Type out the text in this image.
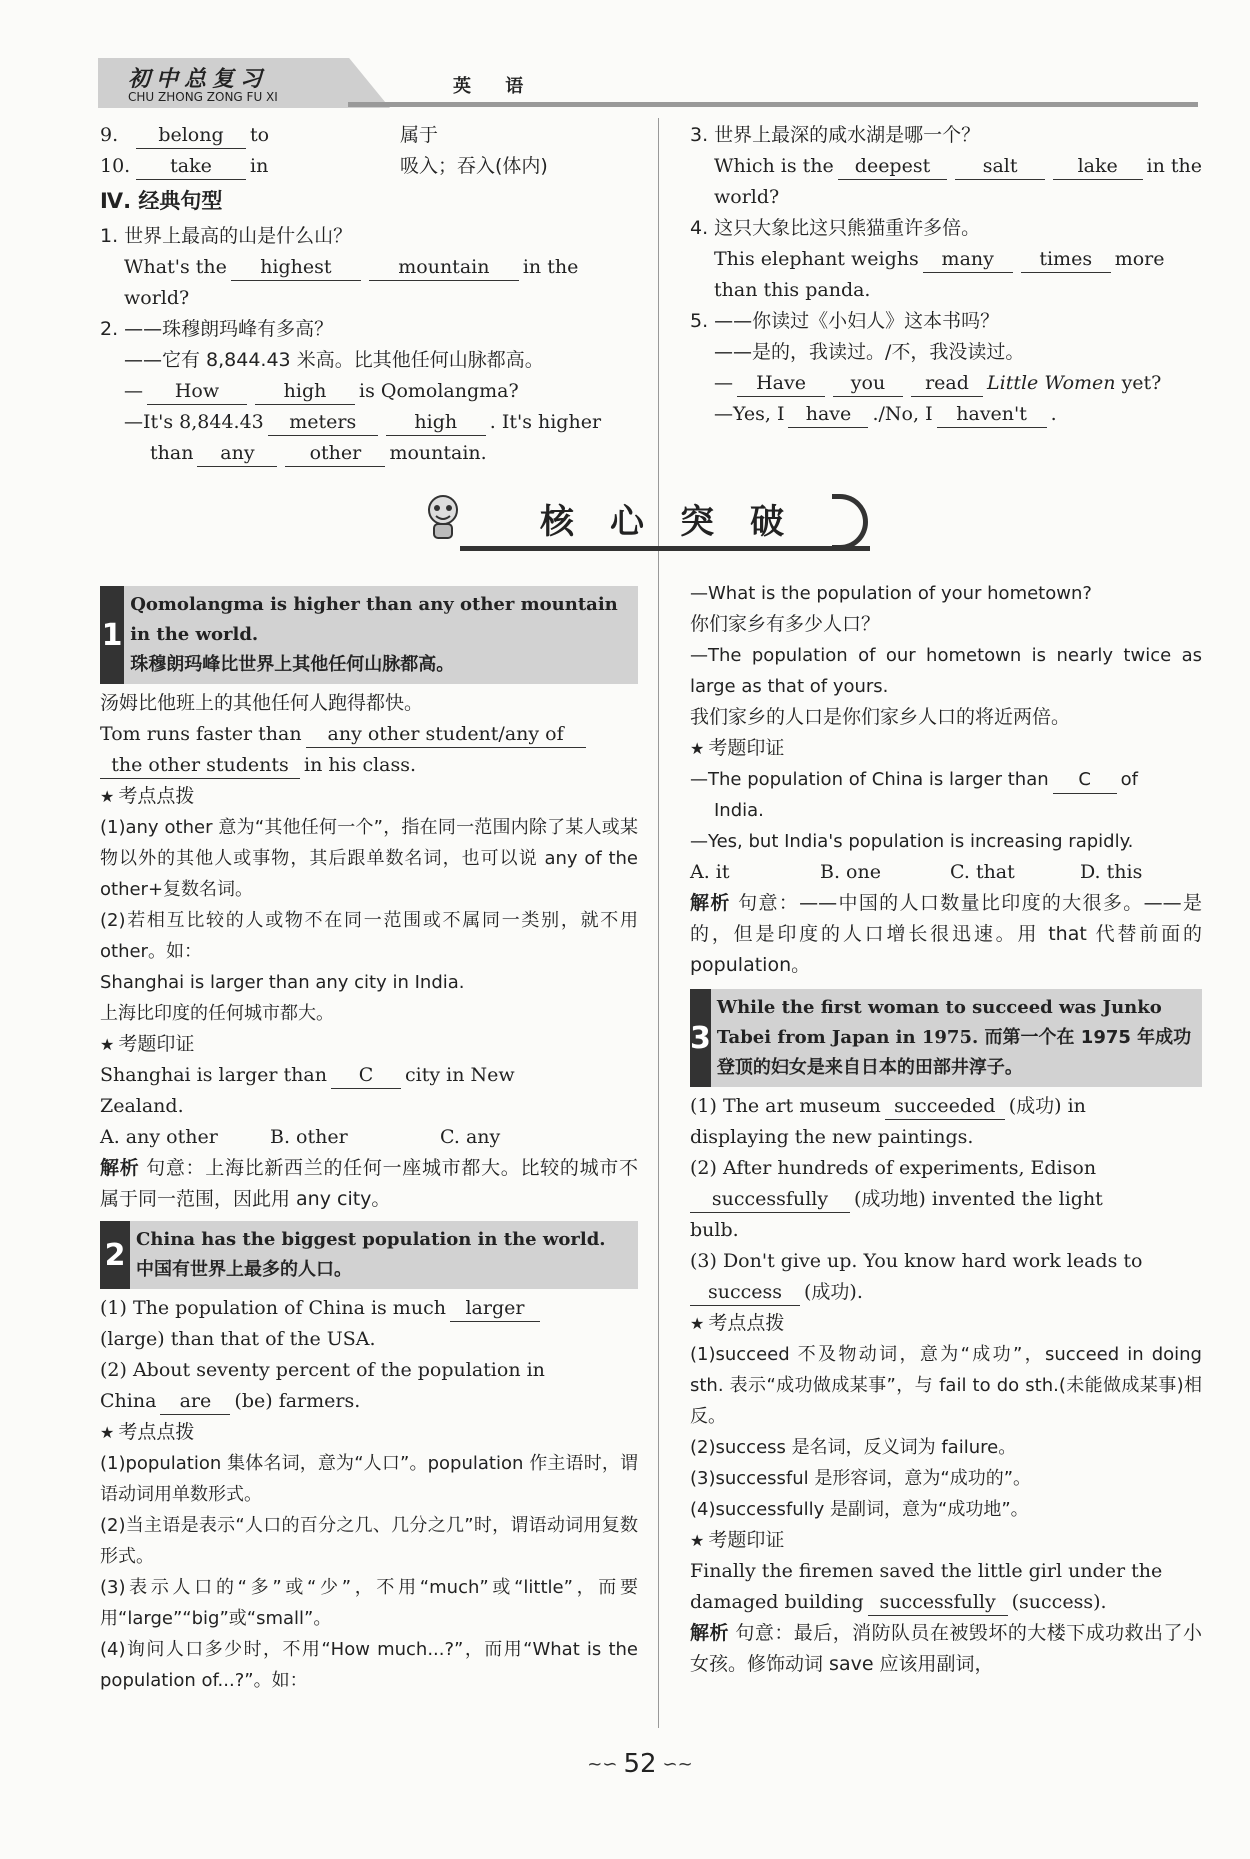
初中总复习
CHU ZHONG ZONG FU XI	英 语
9.	belong	to	属于
10.	take	in	吸入；吞入(体内)
Ⅳ. 经典句型
1. 世界上最高的山是什么山？
What's the	highest	mountain	in the
world?
2. ——珠穆朗玛峰有多高？
——它有 8,844.43 米高。比其他任何山脉都高。
—	How	high	is Qomolangma?
—It's 8,844.43	meters	high	. It's higher
than	any	other	mountain.
3. 世界上最深的咸水湖是哪一个？
Which is the	deepest	salt	lake	in the
world?
4. 这只大象比这只熊猫重许多倍。
This elephant weighs	many	times	more
than this panda.
5. ——你读过《小妇人》这本书吗？
——是的，我读过。/不，我没读过。
—	Have	you	read Little Women
yet?
—Yes, I	have	./No, I	haven't	.
核心突破
1
Qomolangma is higher than any other mountain in the world.
珠穆朗玛峰比世界上其他任何山脉都高。
汤姆比他班上的其他任何人跑得都快。
Tom runs faster than	any other student/any of
the other students in his class.
★ 考点点拨
(1)any other 意为“其他任何一个”，指在同一范围内除了某人或某物以外的其他人或事物，其后跟单数名词，也可以说 any of the other+复数名词。
(2)若相互比较的人或物不在同一范围或不属同一类别，就不用 other。如：
Shanghai is larger than any city in India.
上海比印度的任何城市都大。
★ 考题印证
Shanghai is larger than	C	city in New
Zealand.
A. any other	B. other	C. any
解析 句意：上海比新西兰的任何一座城市都大。比较的城市不属于同一范围，因此用 any city。
2 China has the biggest population in the world.
中国有世界上最多的人口。
(1) The population of China is much	larger
(large) than that of the USA.
(2) About seventy percent of the population in
China	are	(be) farmers.
★ 考点点拨
(1)population 集体名词，意为“人口”。population 作主语时，谓语动词用单数形式。
(2)当主语是表示“人口的百分之几、几分之几”时，谓语动词用复数形式。
(3)表示人口的“多”或“少”，不用“much”或“little”，而要用“large”“big”或“small”。
(4)询问人口多少时，不用“How much...?”，而用“What is the population of...?”。如：
—What is the population of your hometown?
你们家乡有多少人口？
—The population of our hometown is nearly twice as large as that of yours.
我们家乡的人口是你们家乡人口的将近两倍。
★ 考题印证
—The population of China is larger than	C	of
India.
—Yes, but India's population is increasing rapidly.
A. it	B. one	C. that	D. this
解析 句意：——中国的人口数量比印度的大很多。——是的，但是印度的人口增长很迅速。用 that 代替前面的 population。
3
While the first woman to succeed was Junko Tabei from Japan in 1975. 而第一个在 1975 年成功登顶的妇女是来自日本的田部井淳子。
(1) The art museum succeeded (成功) in
displaying the new paintings.
(2) After hundreds of experiments, Edison
successfully	(成功地) invented the light
bulb.
(3) Don't give up. You know hard work leads to
success	(成功).
★ 考点点拨
(1)succeed 不及物动词，意为“成功”，succeed in doing sth. 表示“成功做成某事”，与 fail to do sth.(未能做成某事)相反。
(2)success 是名词，反义词为 failure。
(3)successful 是形容词，意为“成功的”。
(4)successfully 是副词，意为“成功地”。
★ 考题印证
Finally the firemen saved the little girl under the
damaged building successfully (success).
解析 句意：最后，消防队员在被毁坏的大楼下成功救出了小女孩。修饰动词 save 应该用副词，
~∽ 52 ∽~
